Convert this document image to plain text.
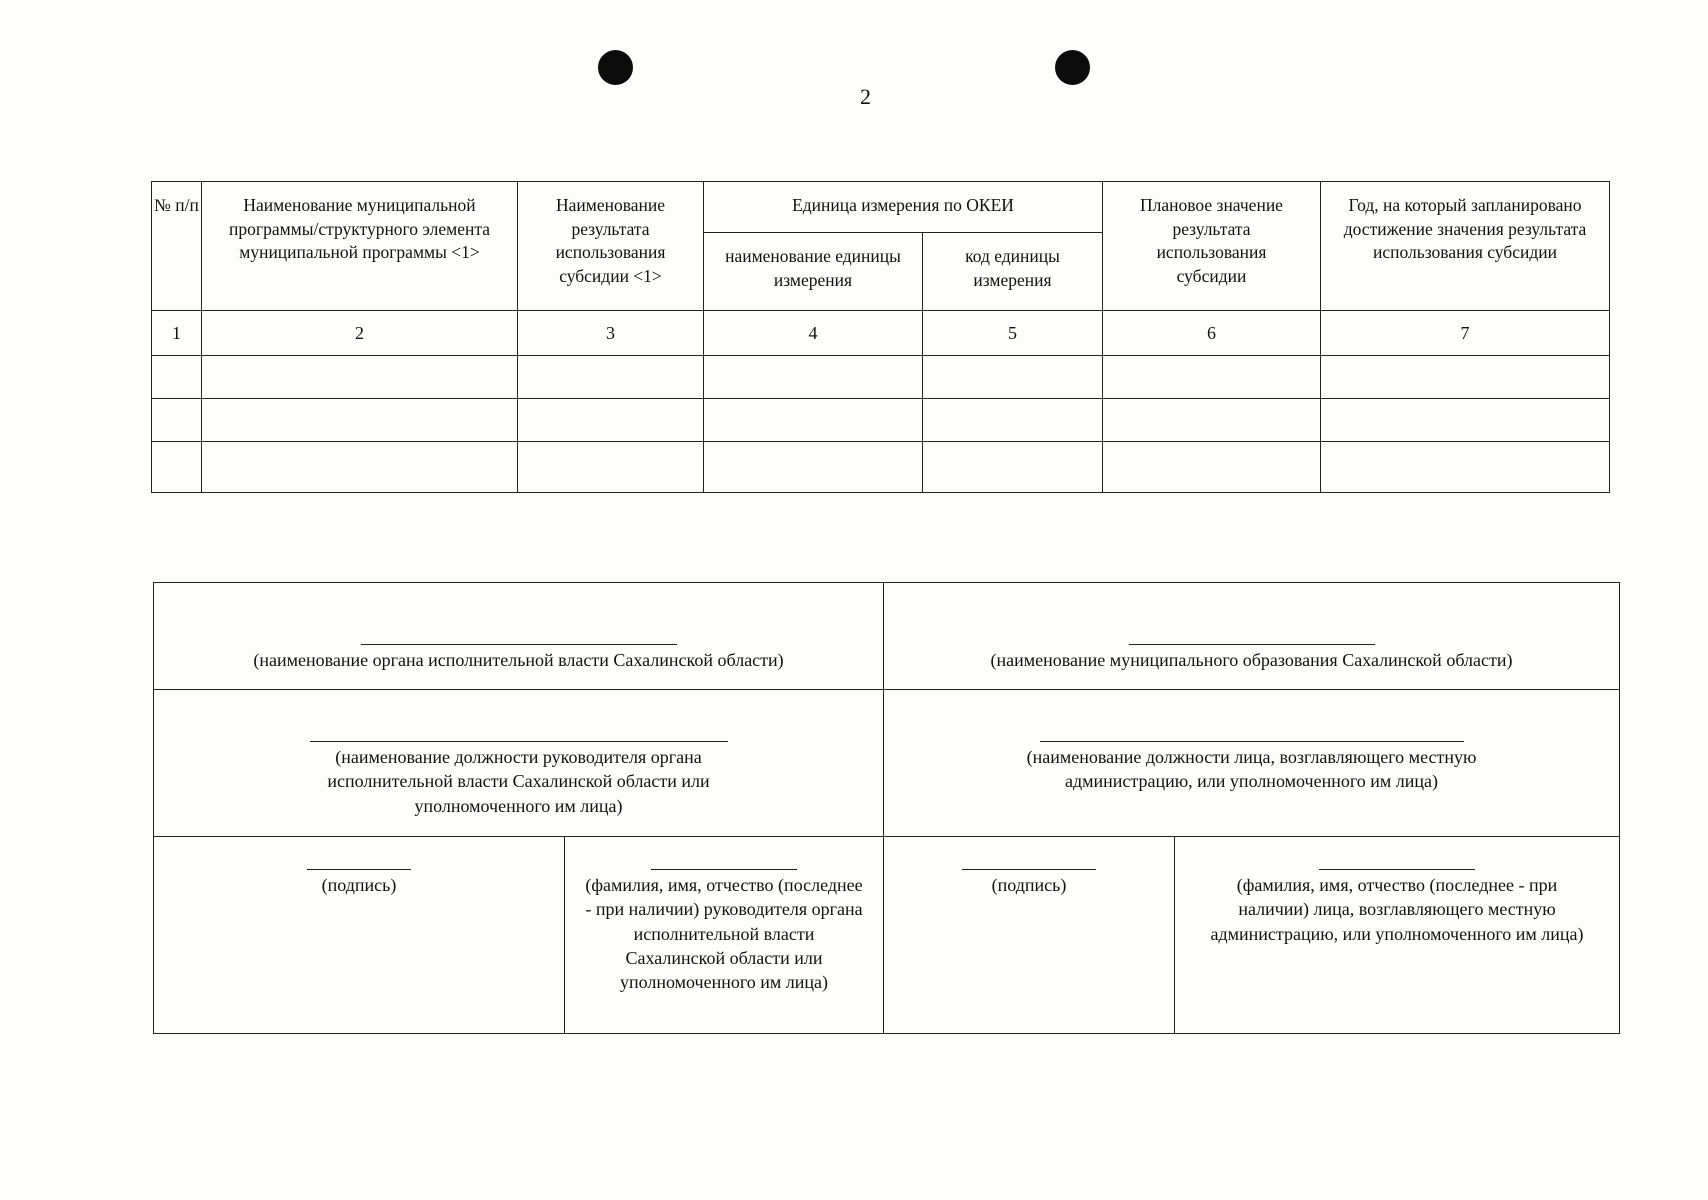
2
№ п/п	Наименование муниципальной программы/структурного элемента муниципальной программы <1>	Наименование результата использования субсидии <1>	Единица измерения по ОКЕИ		Плановое значение результата использования субсидии	Год, на который запланировано достижение значения результата использования субсидии
			наименование единицы измерения	код единицы измерения		
1	2	3	4	5	6	7

(наименование органа исполнительной власти Сахалинской области)		(наименование муниципального образования Сахалинской области)	

(наименование должности руководителя органа исполнительной власти Сахалинской области или уполномоченного им лица)		(наименование должности лица, возглавляющего местную администрацию, или уполномоченного им лица)	

(подпись)	(фамилия, имя, отчество (последнее - при наличии) руководителя органа исполнительной власти Сахалинской области или уполномоченного им лица)	(подпись)	(фамилия, имя, отчество (последнее - при наличии) лица, возглавляющего местную администрацию, или уполномоченного им лица)
